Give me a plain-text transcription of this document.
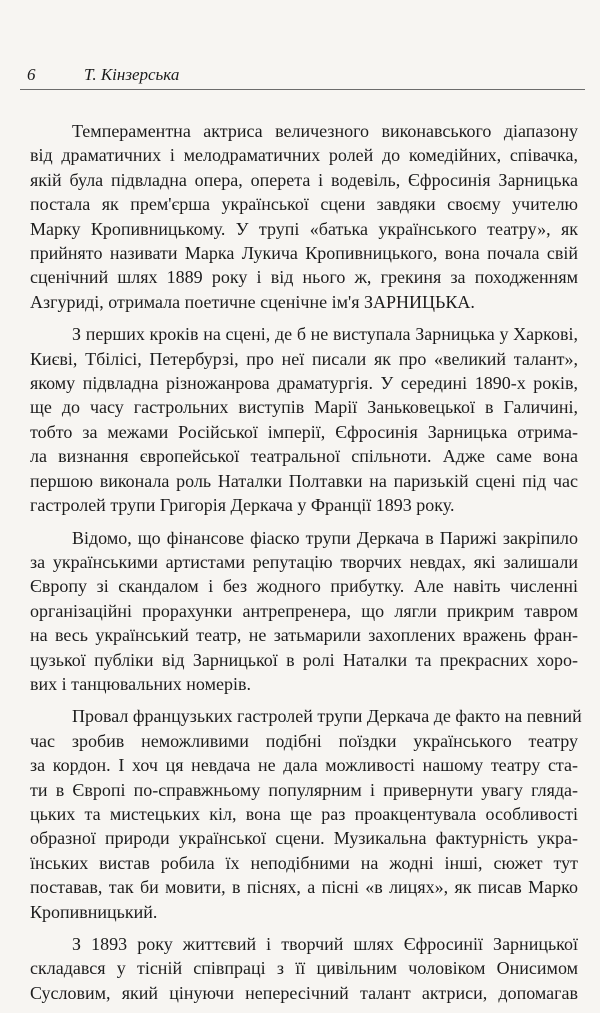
6	Т. Кінзерська
Темпераментна актриса величезного виконавського діапазону
від драматичних і мелодраматичних ролей до комедійних, співачка,
якій була підвладна опера, оперета і водевіль, Єфросинія Зарницька
постала як прем'єрша української сцени завдяки своєму учителю
Марку Кропивницькому. У трупі «батька українського театру», як
прийнято називати Марка Лукича Кропивницького, вона почала свій
сценічний шлях 1889 року і від нього ж, грекиня за походженням
Азгуриді, отримала поетичне сценічне ім'я ЗАРНИЦЬКА.
З перших кроків на сцені, де б не виступала Зарницька у Харкові,
Києві, Тбілісі, Петербурзі, про неї писали як про «великий талант»,
якому підвладна різножанрова драматургія. У середині 1890-х років,
ще до часу гастрольних виступів Марії Заньковецької в Галичині,
тобто за межами Російської імперії, Єфросинія Зарницька отрима-
ла визнання європейської театральної спільноти. Адже саме вона
першою виконала роль Наталки Полтавки на паризькій сцені під час
гастролей трупи Григорія Деркача у Франції 1893 року.
Відомо, що фінансове фіаско трупи Деркача в Парижі закріпило
за українськими артистами репутацію творчих невдах, які залишали
Європу зі скандалом і без жодного прибутку. Але навіть численні
організаційні прорахунки антрепренера, що лягли прикрим тавром
на весь український театр, не затьмарили захоплених вражень фран-
цузької публіки від Зарницької в ролі Наталки та прекрасних хоро-
вих і танцювальних номерів.
Провал французьких гастролей трупи Деркача де факто на певний
час зробив неможливими подібні поїздки українського театру
за кордон. І хоч ця невдача не дала можливості нашому театру ста-
ти в Європі по-справжньому популярним і привернути увагу гляда-
цьких та мистецьких кіл, вона ще раз проакцентувала особливості
образної природи української сцени. Музикальна фактурність укра-
їнських вистав робила їх неподібними на жодні інші, сюжет тут
поставав, так би мовити, в піснях, а пісні «в лицях», як писав Марко
Кропивницький.
З 1893 року життєвий і творчий шлях Єфросинії Зарницької
складався у тісній співпраці з її цивільним чоловіком Онисимом
Сусловим, який цінуючи непересічний талант актриси, допомагав
